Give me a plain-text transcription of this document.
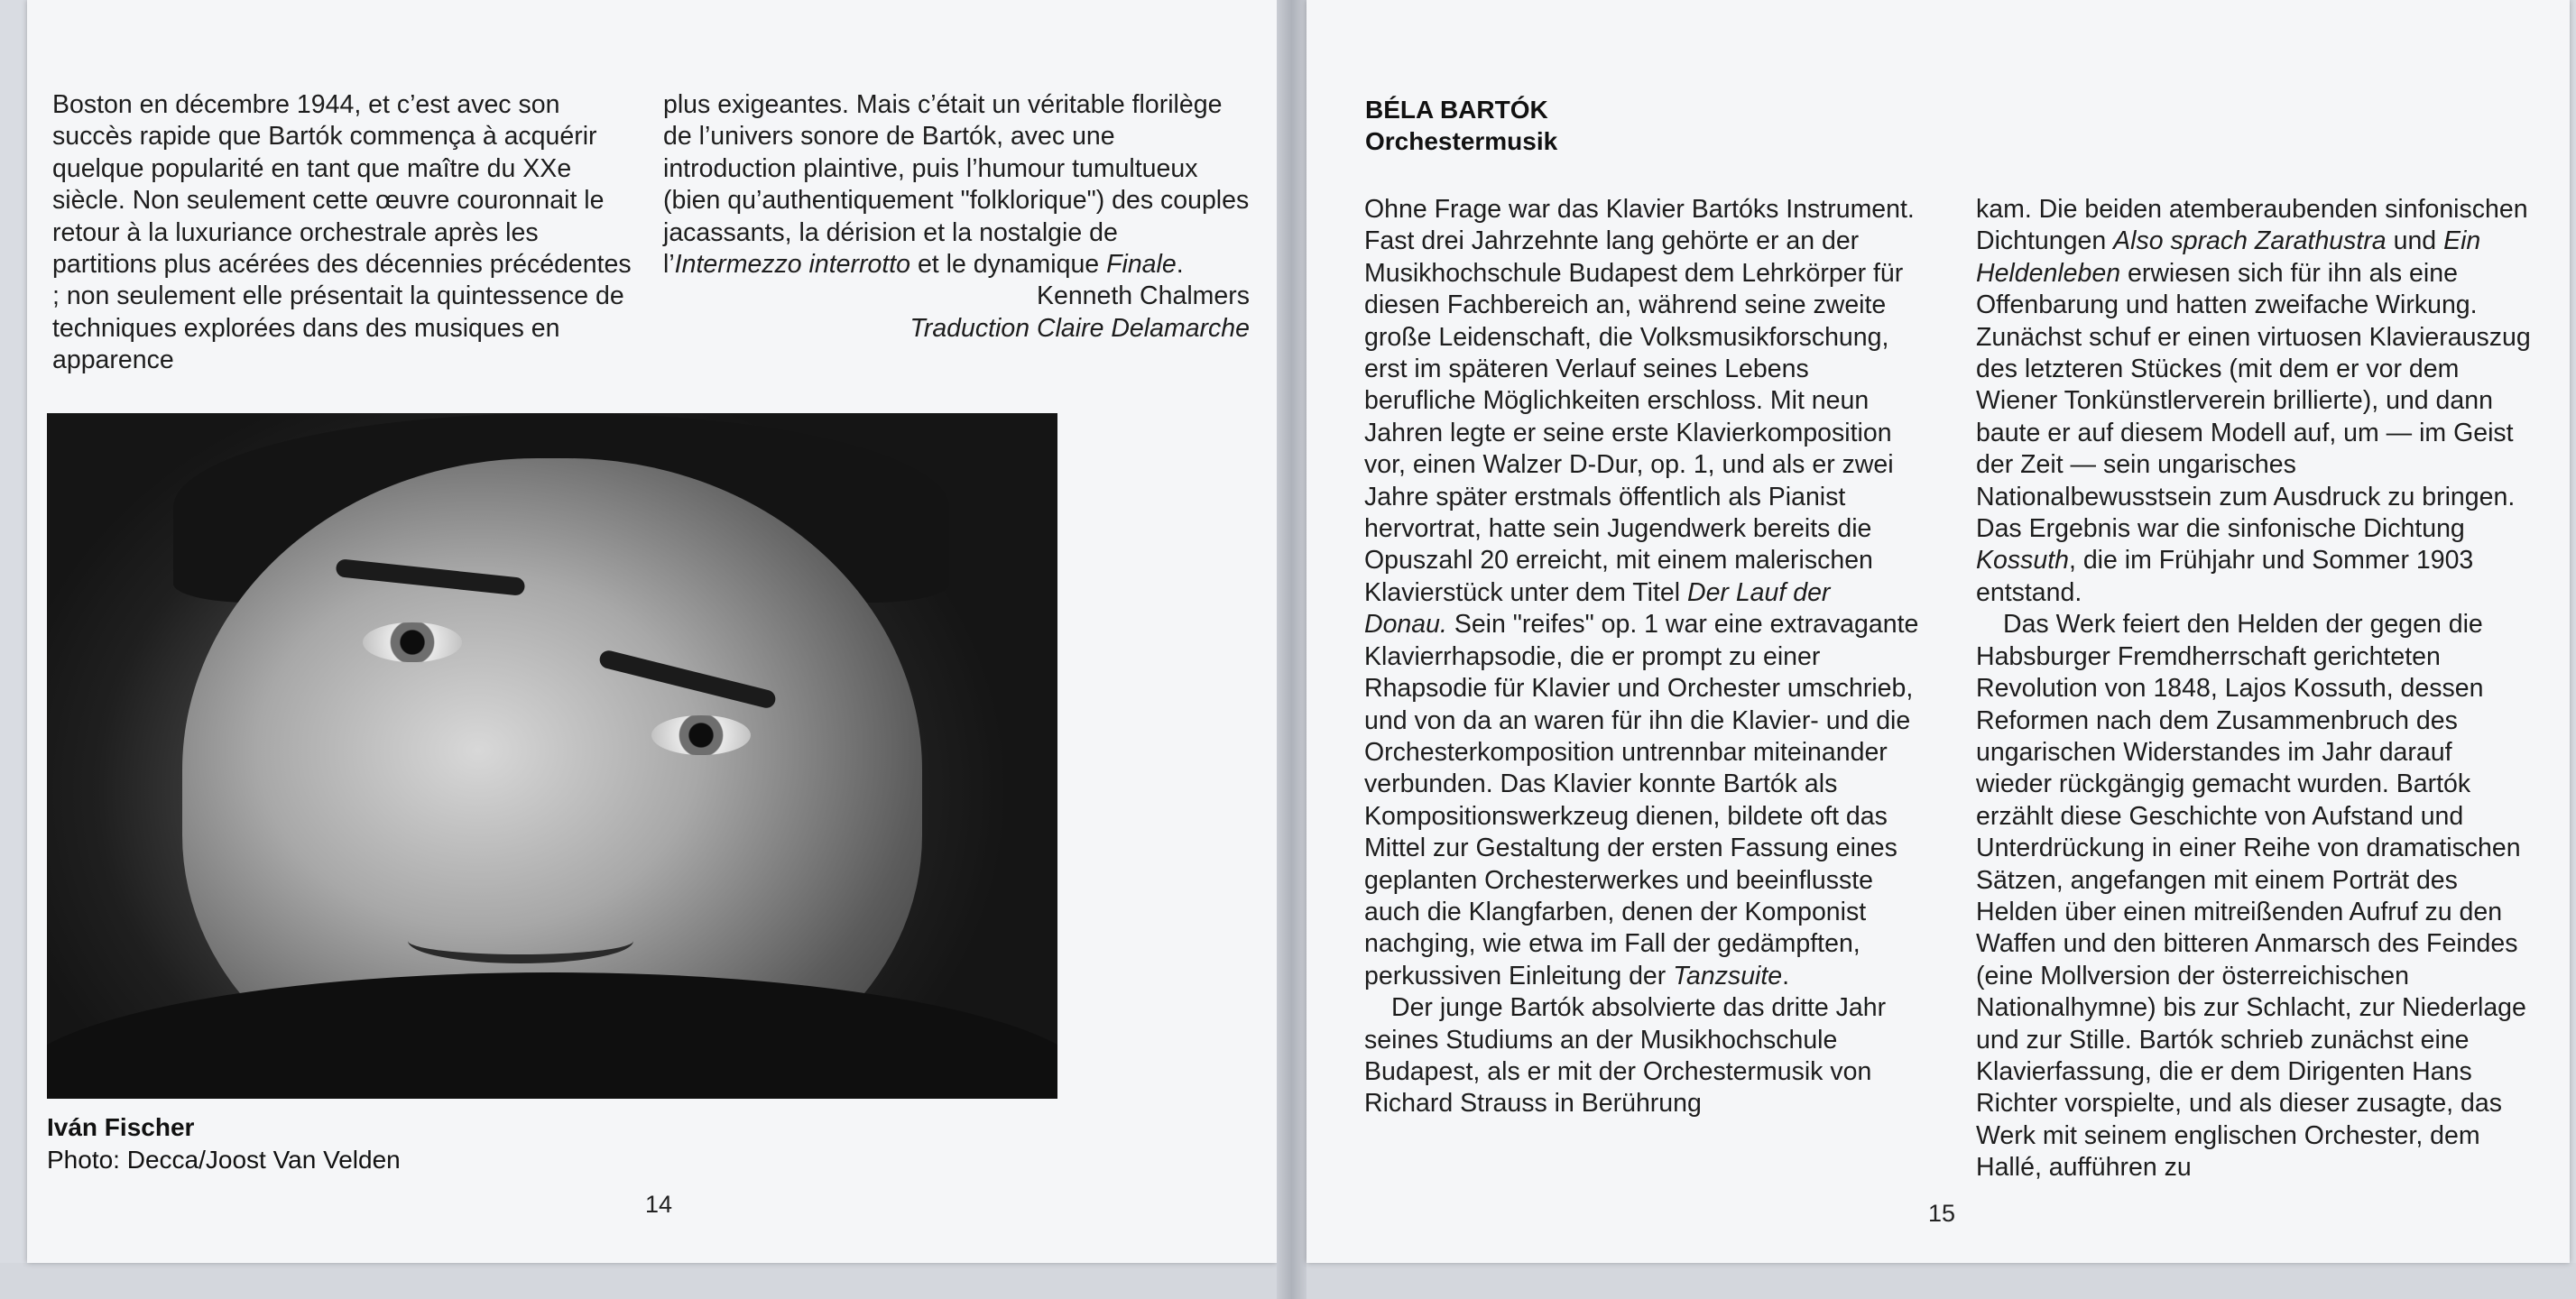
Boston en décembre 1944, et c’est avec son succès rapide que Bartók commença à acquérir quelque popularité en tant que maître du XXe siècle. Non seulement cette œuvre couronnait le retour à la luxuriance orchestrale après les partitions plus acérées des décennies précédentes ; non seulement elle présentait la quintessence de techniques explorées dans des musiques en apparence

plus exigeantes. Mais c’était un véritable florilège de l’univers sonore de Bartók, avec une introduction plaintive, puis l’humour tumultueux (bien qu’authentiquement "folklorique") des couples jacassants, la dérision et la nostalgie de l’Intermezzo interrotto et le dynamique Finale.

Kenneth Chalmers

Traduction Claire Delamarche

Iván Fischer
Photo: Decca/Joost Van Velden
14
BÉLA BARTÓK
Orchestermusik

Ohne Frage war das Klavier Bartóks Instrument. Fast drei Jahrzehnte lang gehörte er an der Musikhochschule Budapest dem Lehrkörper für diesen Fachbereich an, während seine zweite große Leidenschaft, die Volksmusikforschung, erst im späteren Verlauf seines Lebens berufliche Möglichkeiten erschloss. Mit neun Jahren legte er seine erste Klavierkomposition vor, einen Walzer D-Dur, op. 1, und als er zwei Jahre später erstmals öffentlich als Pianist hervortrat, hatte sein Jugendwerk bereits die Opuszahl 20 erreicht, mit einem malerischen Klavierstück unter dem Titel Der Lauf der Donau. Sein "reifes" op. 1 war eine extravagante Klavierrhapsodie, die er prompt zu einer Rhapsodie für Klavier und Orchester umschrieb, und von da an waren für ihn die Klavier- und die Orchesterkomposition untrennbar miteinander verbunden. Das Klavier konnte Bartók als Kompositionswerkzeug dienen, bildete oft das Mittel zur Gestaltung der ersten Fassung eines geplanten Orchesterwerkes und beeinflusste auch die Klangfarben, denen der Komponist nachging, wie etwa im Fall der gedämpften, perkussiven Einleitung der Tanzsuite.

Der junge Bartók absolvierte das dritte Jahr seines Studiums an der Musikhochschule Budapest, als er mit der Orchestermusik von Richard Strauss in Berührung

kam. Die beiden atemberaubenden sinfonischen Dichtungen Also sprach Zarathustra und Ein Heldenleben erwiesen sich für ihn als eine Offenbarung und hatten zweifache Wirkung. Zunächst schuf er einen virtuosen Klavierauszug des letzteren Stückes (mit dem er vor dem Wiener Tonkünstlerverein brillierte), und dann baute er auf diesem Modell auf, um — im Geist der Zeit — sein ungarisches Nationalbewusstsein zum Ausdruck zu bringen. Das Ergebnis war die sinfonische Dichtung Kossuth, die im Frühjahr und Sommer 1903 entstand.

Das Werk feiert den Helden der gegen die Habsburger Fremdherrschaft gerichteten Revolution von 1848, Lajos Kossuth, dessen Reformen nach dem Zusammenbruch des ungarischen Widerstandes im Jahr darauf wieder rückgängig gemacht wurden. Bartók erzählt diese Geschichte von Aufstand und Unterdrückung in einer Reihe von dramatischen Sätzen, angefangen mit einem Porträt des Helden über einen mitreißenden Aufruf zu den Waffen und den bitteren Anmarsch des Feindes (eine Mollversion der österreichischen Nationalhymne) bis zur Schlacht, zur Niederlage und zur Stille. Bartók schrieb zunächst eine Klavierfassung, die er dem Dirigenten Hans Richter vorspielte, und als dieser zusagte, das Werk mit seinem englischen Orchester, dem Hallé, aufführen zu

15
